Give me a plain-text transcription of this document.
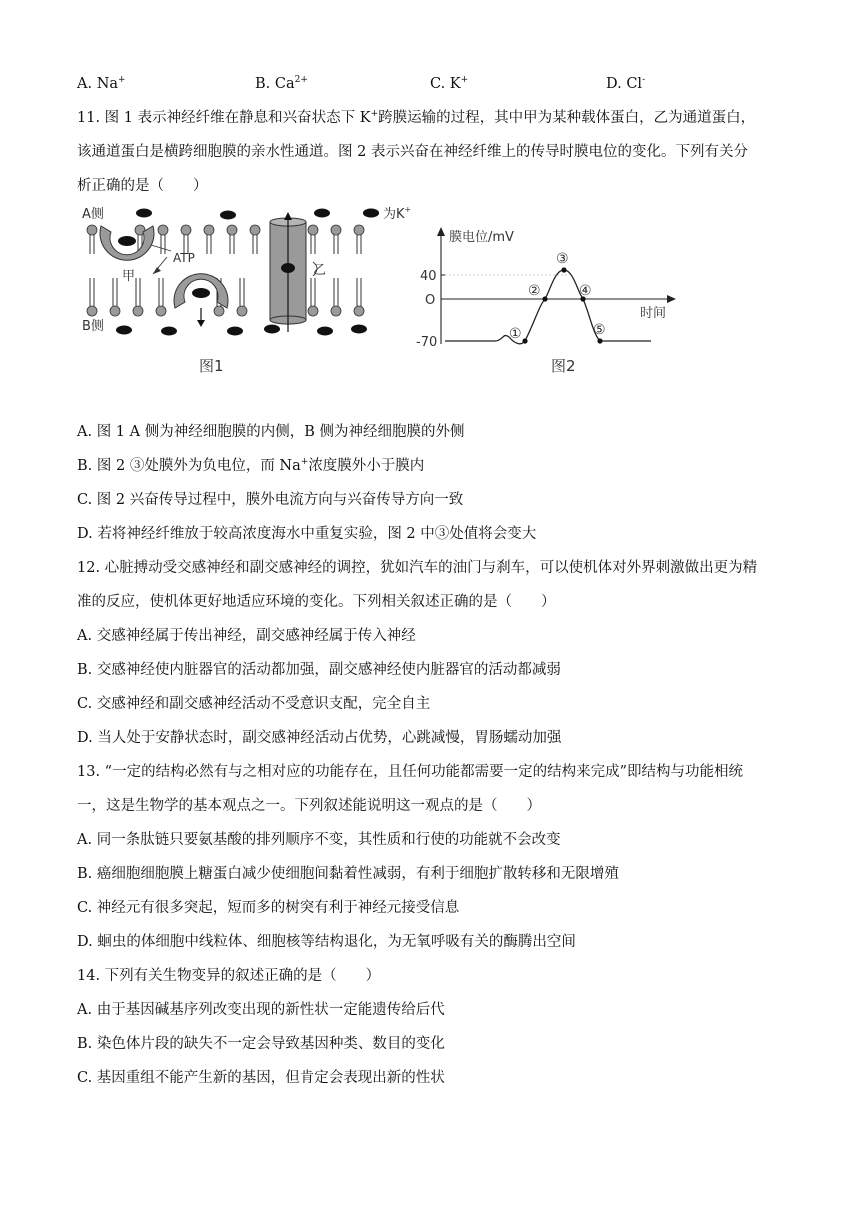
A. Na+	B. $Ca^{2+}$	C. K+	D. Cl-
11. 图 1 表示神经纤维在静息和兴奋状态下 K+跨膜运输的过程，其中甲为某种载体蛋白，乙为通道蛋白，
该通道蛋白是横跨细胞膜的亲水性通道。图 2 表示兴奋在神经纤维上的传导时膜电位的变化。下列有关分
析正确的是（　　）
为K+
A侧
B侧
ATP
甲	乙
图1
膜电位/mV
时间
40
O
-70
①
②
③
④
⑤
图2
A. 图 1 A 侧为神经细胞膜的内侧，B 侧为神经细胞膜的外侧
B. 图 2 ③处膜外为负电位，而 Na+浓度膜外小于膜内
C. 图 2 兴奋传导过程中，膜外电流方向与兴奋传导方向一致
D. 若将神经纤维放于较高浓度海水中重复实验，图 2 中③处值将会变大
12. 心脏搏动受交感神经和副交感神经的调控，犹如汽车的油门与刹车，可以使机体对外界刺激做出更为精
准的反应，使机体更好地适应环境的变化。下列相关叙述正确的是（　　）
A. 交感神经属于传出神经，副交感神经属于传入神经
B. 交感神经使内脏器官的活动都加强，副交感神经使内脏器官的活动都减弱
C. 交感神经和副交感神经活动不受意识支配，完全自主
D. 当人处于安静状态时，副交感神经活动占优势，心跳减慢，胃肠蠕动加强
13. “一定的结构必然有与之相对应的功能存在，且任何功能都需要一定的结构来完成”即结构与功能相统
一，这是生物学的基本观点之一。下列叙述能说明这一观点的是（　　）
A. 同一条肽链只要氨基酸的排列顺序不变，其性质和行使的功能就不会改变
B. 癌细胞细胞膜上糖蛋白减少使细胞间黏着性减弱，有利于细胞扩散转移和无限增殖
C. 神经元有很多突起，短而多的树突有利于神经元接受信息
D. 蛔虫的体细胞中线粒体、细胞核等结构退化，为无氧呼吸有关的酶腾出空间
14. 下列有关生物变异的叙述正确的是（　　）
A. 由于基因碱基序列改变出现的新性状一定能遗传给后代
B. 染色体片段的缺失不一定会导致基因种类、数目的变化
C. 基因重组不能产生新的基因，但肯定会表现出新的性状
